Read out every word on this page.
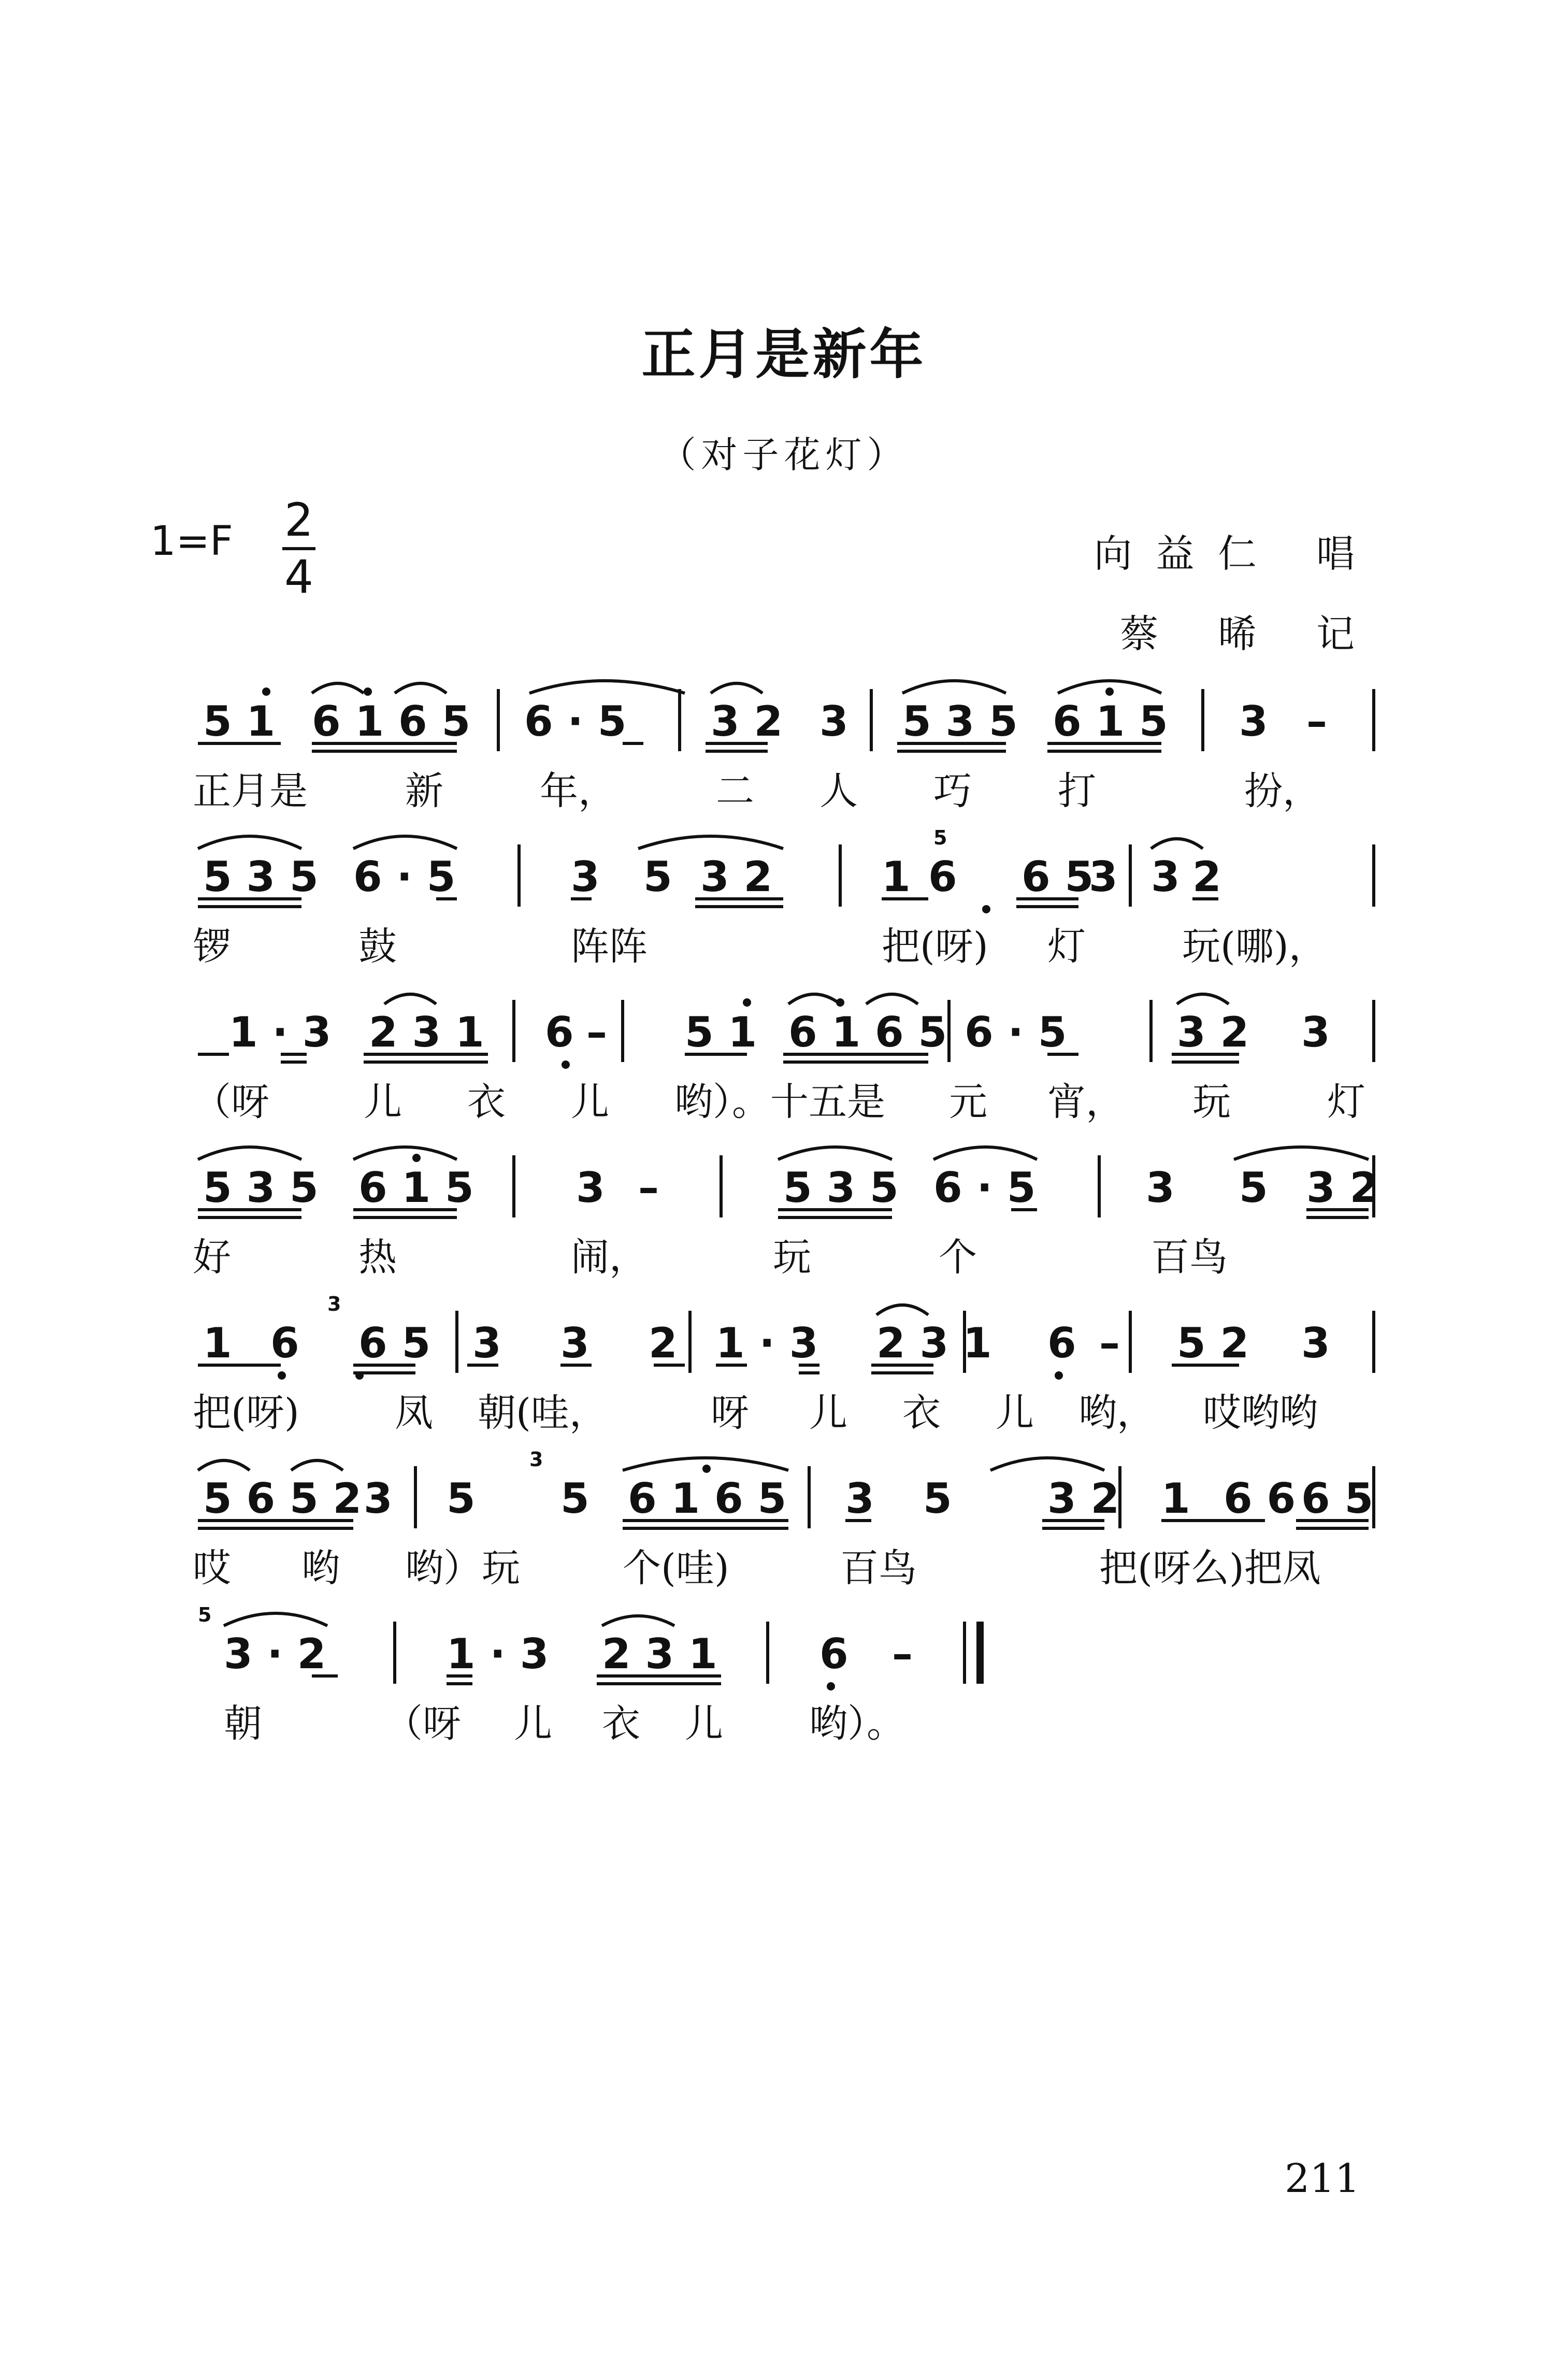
正月是新年
（对子花灯）
1=F 2
4	向益仁 唱
蔡 晞 记
5 1 6 1 6 5 6 · 5 3 2 3 5 3 5 6 1 5 3 –
正月是	新	年，	二 人 巧 打	扮，
5
5 3 5 6 · 5	3 5 3 2	1 6 6 5
3 3 2
锣	鼓	阵阵	把(呀) 灯	玩(哪)，
1 · 3 2 3 1 6 – 5 1 6 1 6 5 6 · 5	3 2 3
（呀 儿 衣 儿 哟）。十五是 元 宵， 玩	灯
5 3 5 6 1 5 3 –	5 3 5 6 · 5	3 5 3 2
好	热	闹，	玩	个	百鸟
3
1 6 6 5 3 3 2 1 · 3 2 3 1 6 – 5 2 3
把(呀) 凤 朝(哇，	呀 儿 衣 儿 哟， 哎哟哟
3
5 6 5 2 3 5 5 6 1 6 5 3 5 3 2 1 6 6 6 5
哎 哟 哟）玩	个(哇)	百鸟	把(呀么)把凤
5
3 · 2	1 · 3 2 3 1 6 –
朝	（呀 儿 衣 儿 哟）。
211
